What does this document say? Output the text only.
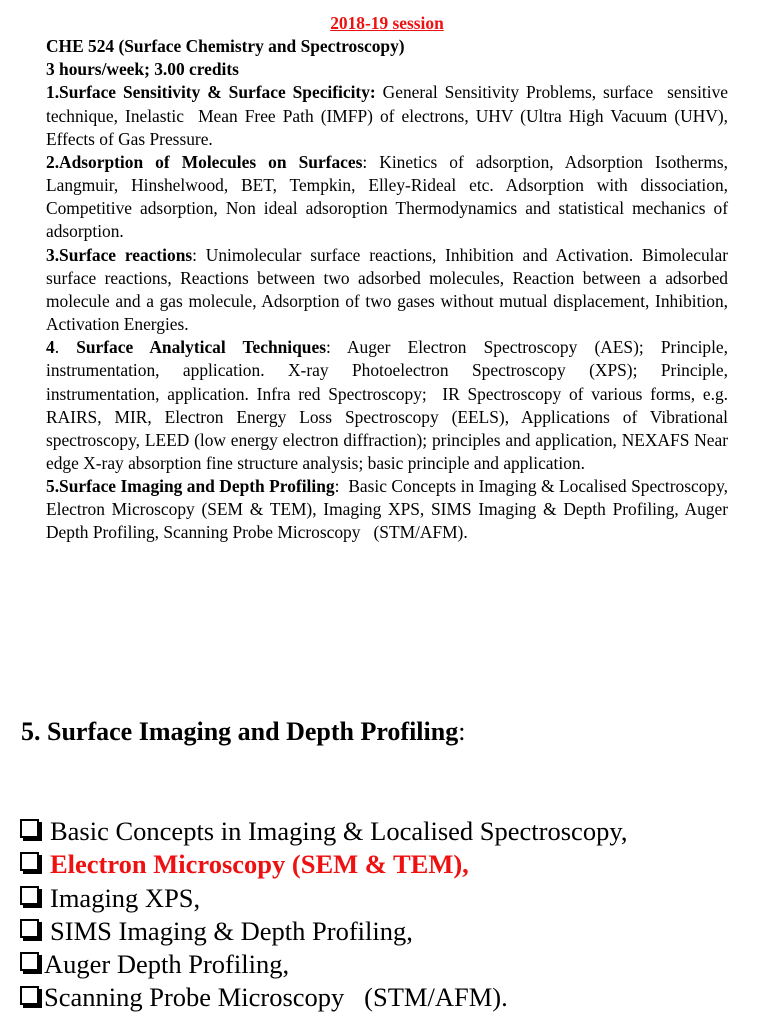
2018-19 session

CHE 524 (Surface Chemistry and Spectroscopy)

3 hours/week; 3.00 credits

1.Surface Sensitivity & Surface Specificity: General Sensitivity Problems, surface  sensitive technique, Inelastic  Mean Free Path (IMFP) of electrons, UHV (Ultra High Vacuum (UHV), Effects of Gas Pressure.

2.Adsorption of Molecules on Surfaces: Kinetics of adsorption, Adsorption Isotherms, Langmuir, Hinshelwood, BET, Tempkin, Elley-Rideal etc. Adsorption with dissociation, Competitive adsorption, Non ideal adsoroption Thermodynamics and statistical mechanics of adsorption.

3.Surface reactions: Unimolecular surface reactions, Inhibition and Activation. Bimolecular surface reactions, Reactions between two adsorbed molecules, Reaction between a adsorbed molecule and a gas molecule, Adsorption of two gases without mutual displacement, Inhibition, Activation Energies.

4. Surface Analytical Techniques: Auger Electron Spectroscopy (AES); Principle, instrumentation, application. X-ray Photoelectron Spectroscopy (XPS); Principle, instrumentation, application. Infra red Spectroscopy;  IR Spectroscopy of various forms, e.g. RAIRS, MIR, Electron Energy Loss Spectroscopy (EELS), Applications of Vibrational spectroscopy, LEED (low energy electron diffraction); principles and application, NEXAFS Near edge X-ray absorption fine structure analysis; basic principle and application.

5.Surface Imaging and Depth Profiling:  Basic Concepts in Imaging & Localised Spectroscopy, Electron Microscopy (SEM & TEM), Imaging XPS, SIMS Imaging & Depth Profiling, Auger Depth Profiling, Scanning Probe Microscopy   (STM/AFM).

5. Surface Imaging and Depth Profiling:
Basic Concepts in Imaging & Localised Spectroscopy,
Electron Microscopy (SEM & TEM),
Imaging XPS,
SIMS Imaging & Depth Profiling,
Auger Depth Profiling,
Scanning Probe Microscopy   (STM/AFM).
